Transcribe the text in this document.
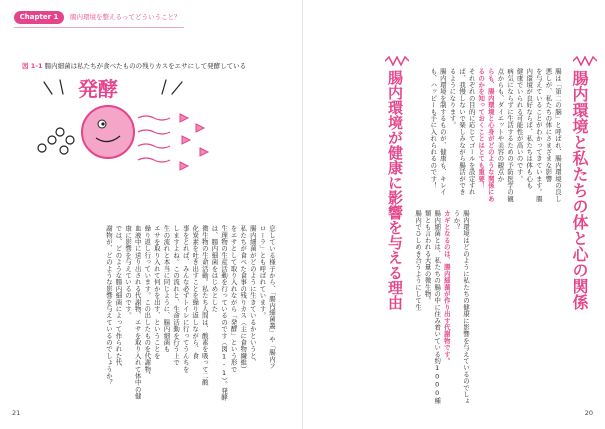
Chapter 1	腸内環境を整えるってどういうこと？
図 1-1 腸内細菌は私たちが食べたものの残りカスをエサにして発酵している
発酵
息している様子から、「腸内細菌叢」や「腸内フ
ローラ」とも呼ばれています。
腸内細菌がどのように生きているかというと、
私たちが食べた食事の残りカス（主に食物繊維）
をエサとして取り入れながら「発酵」という形で
生理物の生産活動を行っているのです（図1-1）。発酵は、腸内細菌をはじめとした
微生物の生命活動。私たち人間は、酸素を吸って二酸
化炭素を吐き出すことを繰り返しながら、食
事をとれば、みんな必ずトイレに行ってうんちを
しますよね。この流れと、生命活動を行う上で
生の流れと本当に同じように、腸内細菌も
エサを取り入れて何かを出す、ということを
繰り返し行っています。この出したものを代謝物、
血液中に送り出される代謝物、エサを取り入れて体中の健康に影響を与えているのです。
では、どのような腸内細菌によって作られた代
謝物が、どのような影響を与えているのでしょうか？
21	20
腸内環境と私たちの体と心の関係
腸は「第二の脳」と呼ばれ、腸内環境の良し悪しが、私たちの体にさまざまな影響
を与えていることがわかってきています。腸内環境が良好ならば、私たちは体も心も
健康でいられる可能性が高いのです。
病気にならずに生活するための予防医学の観点からも、ダイエットや美容の観点か
らも、腸内環境と心身がどのような関係にあるのかを知っておくことはとても重要！
それぞれの目的に応じてゴールを設定すれば、我慢しないで楽しみながら腸活ができ
るようになります。
腸内環境を制するものが、健康も、キレイも、ハッピーも手に入れられるのです！
腸内環境が健康に影響を与える理由	腸内環境はどのように私たちの健康に影響を与えているのでしょうか？
カギとなるのは、腸内細菌が作り出す代謝物です。
腸内細菌とは、私たちの腸の中に住み着いている約1000種類とも言われる大量の微生物。
腸内でひしめき合うようにして生
